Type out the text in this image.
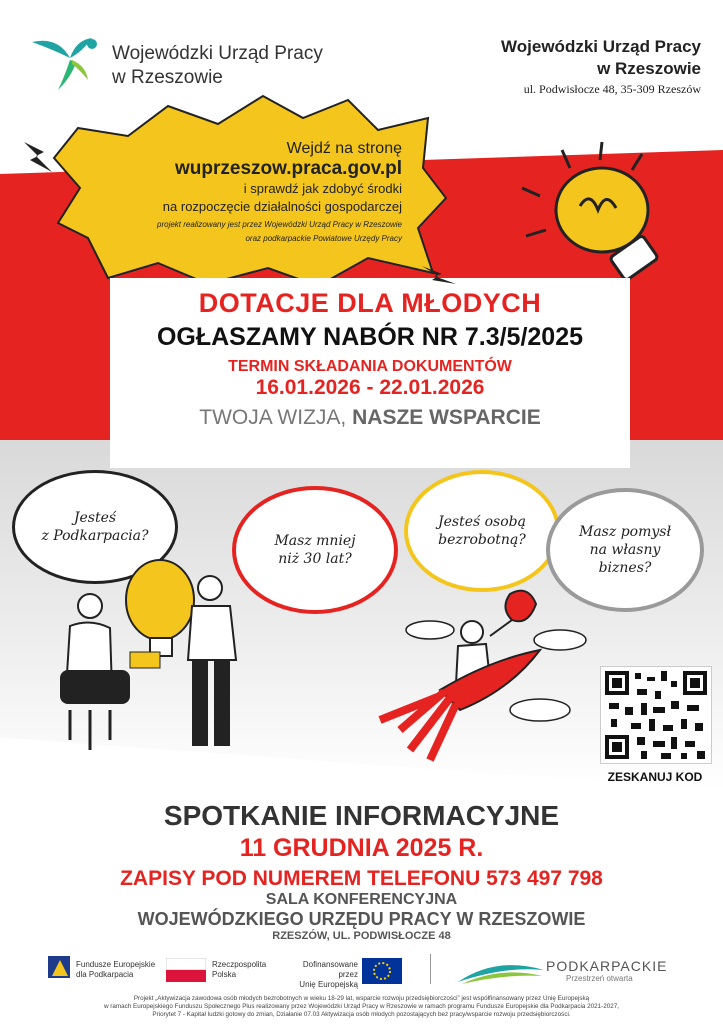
Wojewódzki Urząd Pracy
w Rzeszowie
Wojewódzki Urząd Pracy
w Rzeszowie
ul. Podwisłocze 48, 35-309 Rzeszów
Wejdź na stronę
wuprzeszow.praca.gov.pl
i sprawdź jak zdobyć środki
na rozpoczęcie działalności gospodarczej
projekt realizowany jest przez Wojewódzki Urząd Pracy w Rzeszowie
oraz podkarpackie Powiatowe Urzędy Pracy
DOTACJE DLA MŁODYCH
OGŁASZAMY NABÓR NR 7.3/5/2025
TERMIN SKŁADANIA DOKUMENTÓW
16.01.2026 - 22.01.2026
TWOJA WIZJA, NASZE WSPARCIE
Jesteś
z Podkarpacia?	Masz mniej
niż 30 lat?
Jesteś osobą
bezrobotną?	Masz pomysł
na własny
biznes?
ZESKANUJ KOD
SPOTKANIE INFORMACYJNE
11 GRUDNIA 2025 R.
ZAPISY POD NUMEREM TELEFONU 573 497 798
SALA KONFERENCYJNA
WOJEWÓDZKIEGO URZĘDU PRACY W RZESZOWIE
RZESZÓW, UL. PODWISŁOCZE 48
Fundusze Europejskie
dla Podkarpacia
Rzeczpospolita
Polska
Dofinansowane przez
Unię Europejską
PODKARPACKIE
Przestrzeń otwarta
Projekt „Aktywizacja zawodowa osób młodych bezrobotnych w wieku 18-29 lat, wsparcie rozwoju przedsiębiorczości” jest współfinansowany przez Unię Europejską
w ramach Europejskiego Funduszu Społecznego Plus realizowany przez Wojewódzki Urząd Pracy w Rzeszowie w ramach programu Fundusze Europejskie dla Podkarpacia 2021-2027,
Priorytet 7 - Kapitał ludzki gotowy do zmian, Działanie 07.03 Aktywizacja osób młodych pozostających bez pracy/wsparcie rozwoju przedsiębiorczości.
